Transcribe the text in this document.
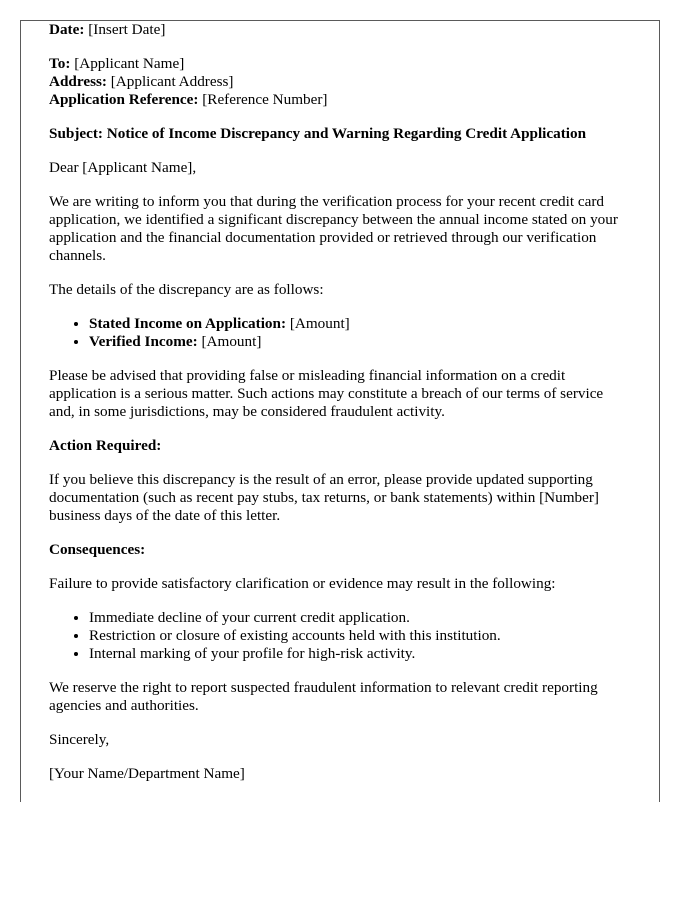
Date: [Insert Date]

To: [Applicant Name]
Address: [Applicant Address]
Application Reference: [Reference Number]

Subject: Notice of Income Discrepancy and Warning Regarding Credit Application

Dear [Applicant Name],

We are writing to inform you that during the verification process for your recent credit card application, we identified a significant discrepancy between the annual income stated on your application and the financial documentation provided or retrieved through our verification channels.

The details of the discrepancy are as follows:

• Stated Income on Application: [Amount]
• Verified Income: [Amount]

Please be advised that providing false or misleading financial information on a credit application is a serious matter. Such actions may constitute a breach of our terms of service and, in some jurisdictions, may be considered fraudulent activity.

Action Required:

If you believe this discrepancy is the result of an error, please provide updated supporting documentation (such as recent pay stubs, tax returns, or bank statements) within [Number] business days of the date of this letter.

Consequences:

Failure to provide satisfactory clarification or evidence may result in the following:

• Immediate decline of your current credit application.
• Restriction or closure of existing accounts held with this institution.
• Internal marking of your profile for high-risk activity.

We reserve the right to report suspected fraudulent information to relevant credit reporting agencies and authorities.

Sincerely,

[Your Name/Department Name]
